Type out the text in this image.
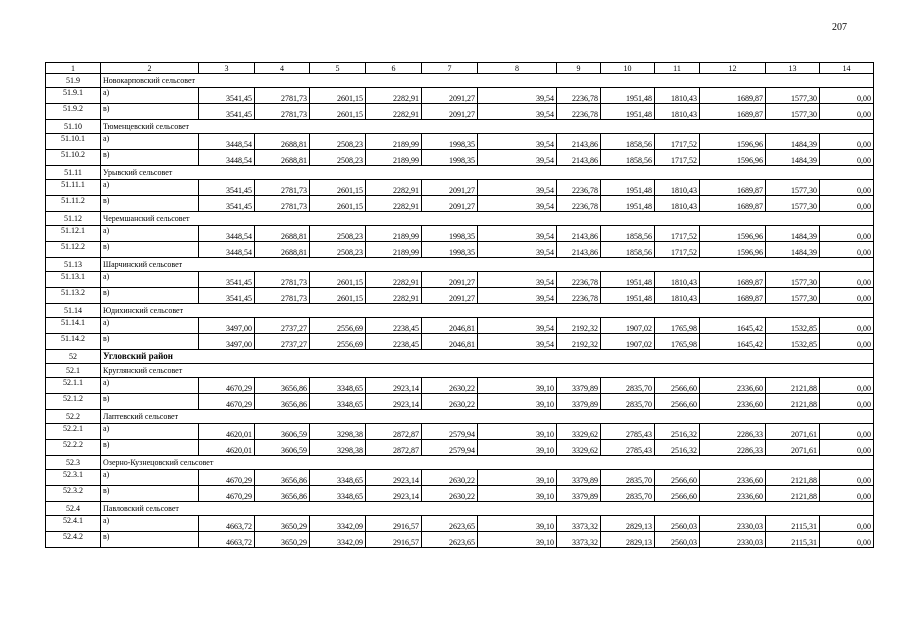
207
1	2	3	4	5	6	7	8	9	10	11	12	13	14
51.9	Новокарповский сельсовет												
51.9.1	а)	3541,45	2781,73	2601,15	2282,91	2091,27	39,54	2236,78	1951,48	1810,43	1689,87	1577,30	0,00
51.9.2	в)	3541,45	2781,73	2601,15	2282,91	2091,27	39,54	2236,78	1951,48	1810,43	1689,87	1577,30	0,00
51.10	Тюменцевский сельсовет												
51.10.1	а)	3448,54	2688,81	2508,23	2189,99	1998,35	39,54	2143,86	1858,56	1717,52	1596,96	1484,39	0,00
51.10.2	в)	3448,54	2688,81	2508,23	2189,99	1998,35	39,54	2143,86	1858,56	1717,52	1596,96	1484,39	0,00
51.11	Урывский сельсовет												
51.11.1	а)	3541,45	2781,73	2601,15	2282,91	2091,27	39,54	2236,78	1951,48	1810,43	1689,87	1577,30	0,00
51.11.2	в)	3541,45	2781,73	2601,15	2282,91	2091,27	39,54	2236,78	1951,48	1810,43	1689,87	1577,30	0,00
51.12	Черемшанский сельсовет												
51.12.1	а)	3448,54	2688,81	2508,23	2189,99	1998,35	39,54	2143,86	1858,56	1717,52	1596,96	1484,39	0,00
51.12.2	в)	3448,54	2688,81	2508,23	2189,99	1998,35	39,54	2143,86	1858,56	1717,52	1596,96	1484,39	0,00
51.13	Шарчинский сельсовет												
51.13.1	а)	3541,45	2781,73	2601,15	2282,91	2091,27	39,54	2236,78	1951,48	1810,43	1689,87	1577,30	0,00
51.13.2	в)	3541,45	2781,73	2601,15	2282,91	2091,27	39,54	2236,78	1951,48	1810,43	1689,87	1577,30	0,00
51.14	Юдихинский сельсовет												
51.14.1	а)	3497,00	2737,27	2556,69	2238,45	2046,81	39,54	2192,32	1907,02	1765,98	1645,42	1532,85	0,00
51.14.2	в)	3497,00	2737,27	2556,69	2238,45	2046,81	39,54	2192,32	1907,02	1765,98	1645,42	1532,85	0,00
52	Угловский район												
52.1	Круглянский сельсовет												
52.1.1	а)	4670,29	3656,86	3348,65	2923,14	2630,22	39,10	3379,89	2835,70	2566,60	2336,60	2121,88	0,00
52.1.2	в)	4670,29	3656,86	3348,65	2923,14	2630,22	39,10	3379,89	2835,70	2566,60	2336,60	2121,88	0,00
52.2	Лаптевский сельсовет												
52.2.1	а)	4620,01	3606,59	3298,38	2872,87	2579,94	39,10	3329,62	2785,43	2516,32	2286,33	2071,61	0,00
52.2.2	в)	4620,01	3606,59	3298,38	2872,87	2579,94	39,10	3329,62	2785,43	2516,32	2286,33	2071,61	0,00
52.3	Озерно-Кузнецовский сельсовет												
52.3.1	а)	4670,29	3656,86	3348,65	2923,14	2630,22	39,10	3379,89	2835,70	2566,60	2336,60	2121,88	0,00
52.3.2	в)	4670,29	3656,86	3348,65	2923,14	2630,22	39,10	3379,89	2835,70	2566,60	2336,60	2121,88	0,00
52.4	Павловский сельсовет												
52.4.1	а)	4663,72	3650,29	3342,09	2916,57	2623,65	39,10	3373,32	2829,13	2560,03	2330,03	2115,31	0,00
52.4.2	в)	4663,72	3650,29	3342,09	2916,57	2623,65	39,10	3373,32	2829,13	2560,03	2330,03	2115,31	0,00
